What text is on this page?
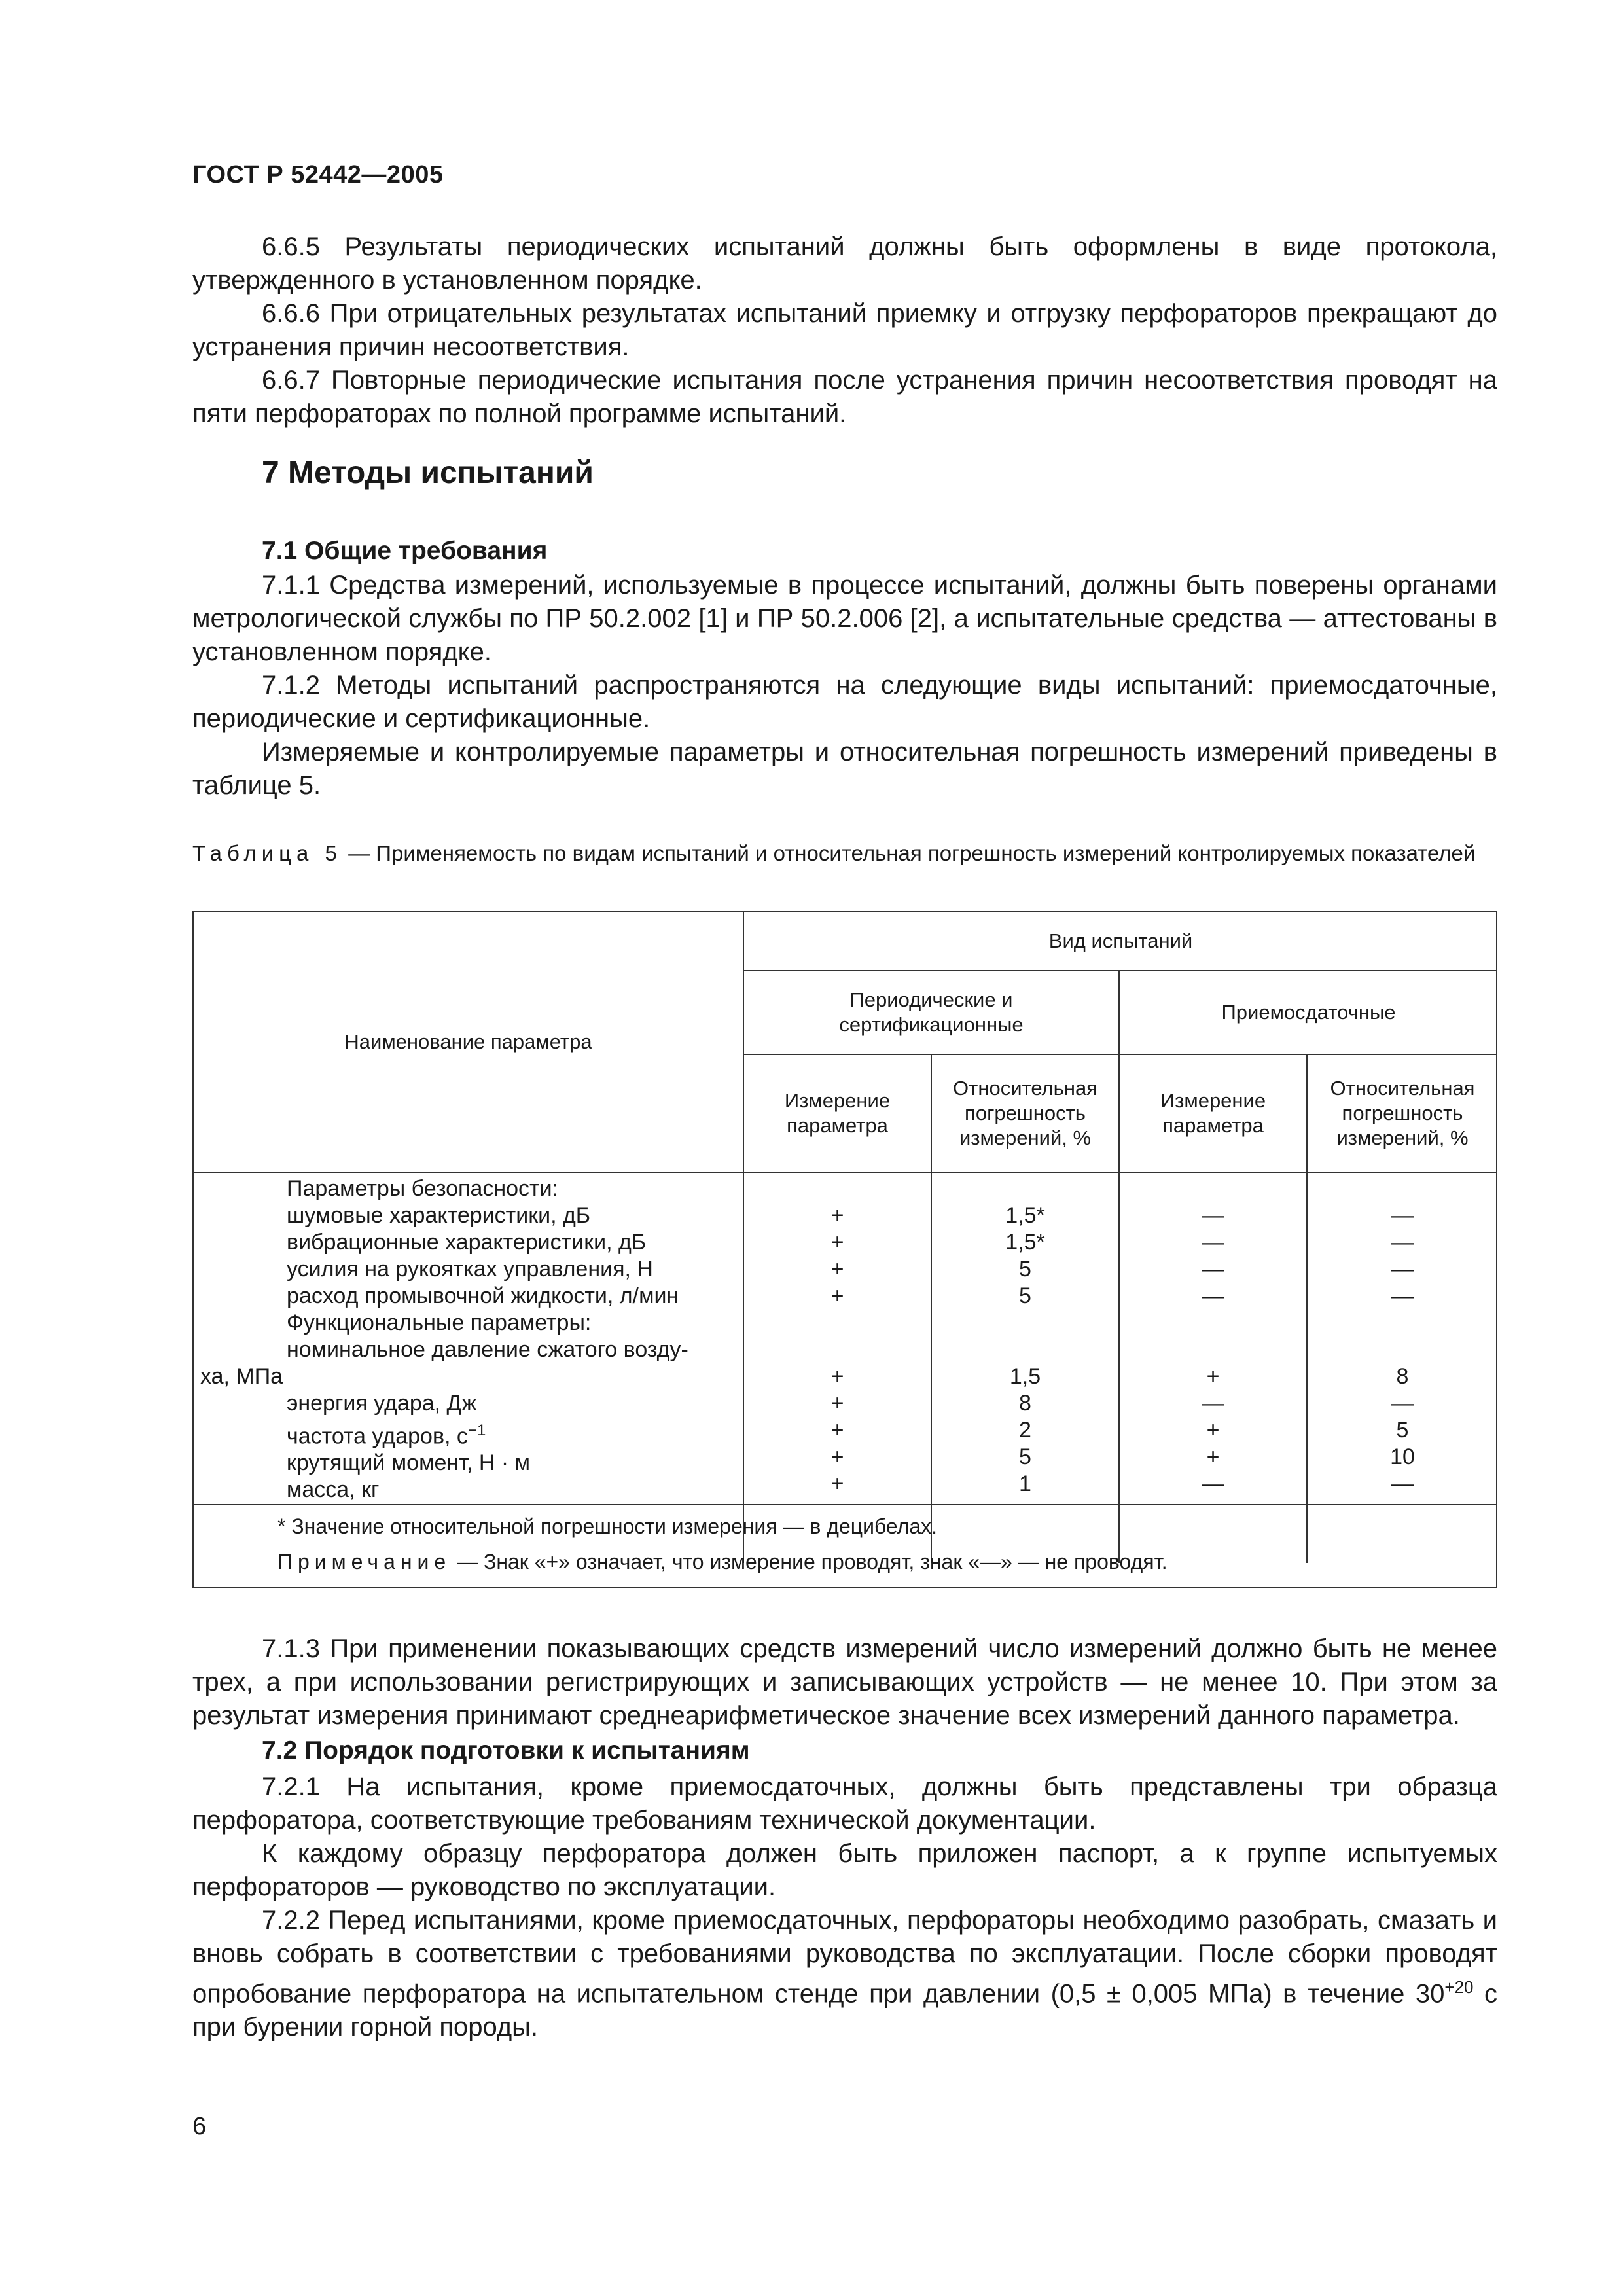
ГОСТ Р 52442—2005

6.6.5 Результаты периодических испытаний должны быть оформлены в виде протокола, утвержденного в установленном порядке.

6.6.6 При отрицательных результатах испытаний приемку и отгрузку перфораторов прекращают до устранения причин несоответствия.

6.6.7 Повторные периодические испытания после устранения причин несоответствия проводят на пяти перфораторах по полной программе испытаний.

7 Методы испытаний
7.1 Общие требования

7.1.1 Средства измерений, используемые в процессе испытаний, должны быть поверены органами метрологической службы по ПР 50.2.002 [1] и ПР 50.2.006 [2], а испытательные средства — аттестованы в установленном порядке.

7.1.2 Методы испытаний распространяются на следующие виды испытаний: приемосдаточные, периодические и сертификационные.

Измеряемые и контролируемые параметры и относительная погрешность измерений приведены в таблице 5.

Таблица 5 — Применяемость по видам испытаний и относительная погрешность измерений контролируемых показателей
Наименование параметра
Вид испытаний
Периодические и сертификационные
Приемосдаточные
Измерение параметра
Относительная погрешность измерений, %
Измерение параметра
Относительная погрешность измерений, %
Параметры безопасности:
шумовые характеристики, дБ
вибрационные характеристики, дБ
усилия на рукоятках управления, Н
расход промывочной жидкости, л/мин
Функциональные параметры:
номинальное давление сжатого возду-
ха, МПа
энергия удара, Дж
частота ударов, $с^{-1}$
крутящий момент, Н · м
масса, кг

+
+
+
+

+
+
+
+
+

1,5*
1,5*
5
5

1,5
8
2
5
1

—
—
—
—

+
—
+
+
—

—
—
—
—

8
—
5
10
—
* Значение относительной погрешности измерения — в децибелах.
Примечание — Знак «+» означает, что измерение проводят, знак «—» — не проводят.

7.1.3 При применении показывающих средств измерений число измерений должно быть не менее трех, а при использовании регистрирующих и записывающих устройств — не менее 10. При этом за результат измерения принимают среднеарифметическое значение всех измерений данного параметра.

7.2 Порядок подготовки к испытаниям

7.2.1 На испытания, кроме приемосдаточных, должны быть представлены три образца перфоратора, соответствующие требованиям технической документации.

К каждому образцу перфоратора должен быть приложен паспорт, а к группе испытуемых перфораторов — руководство по эксплуатации.

7.2.2 Перед испытаниями, кроме приемосдаточных, перфораторы необходимо разобрать, смазать и вновь собрать в соответствии с требованиями руководства по эксплуатации. После сборки проводят опробование перфоратора на испытательном стенде при давлении (0,5 ± 0,005 МПа) в течение $30^{+20}$ с при бурении горной породы.

6
